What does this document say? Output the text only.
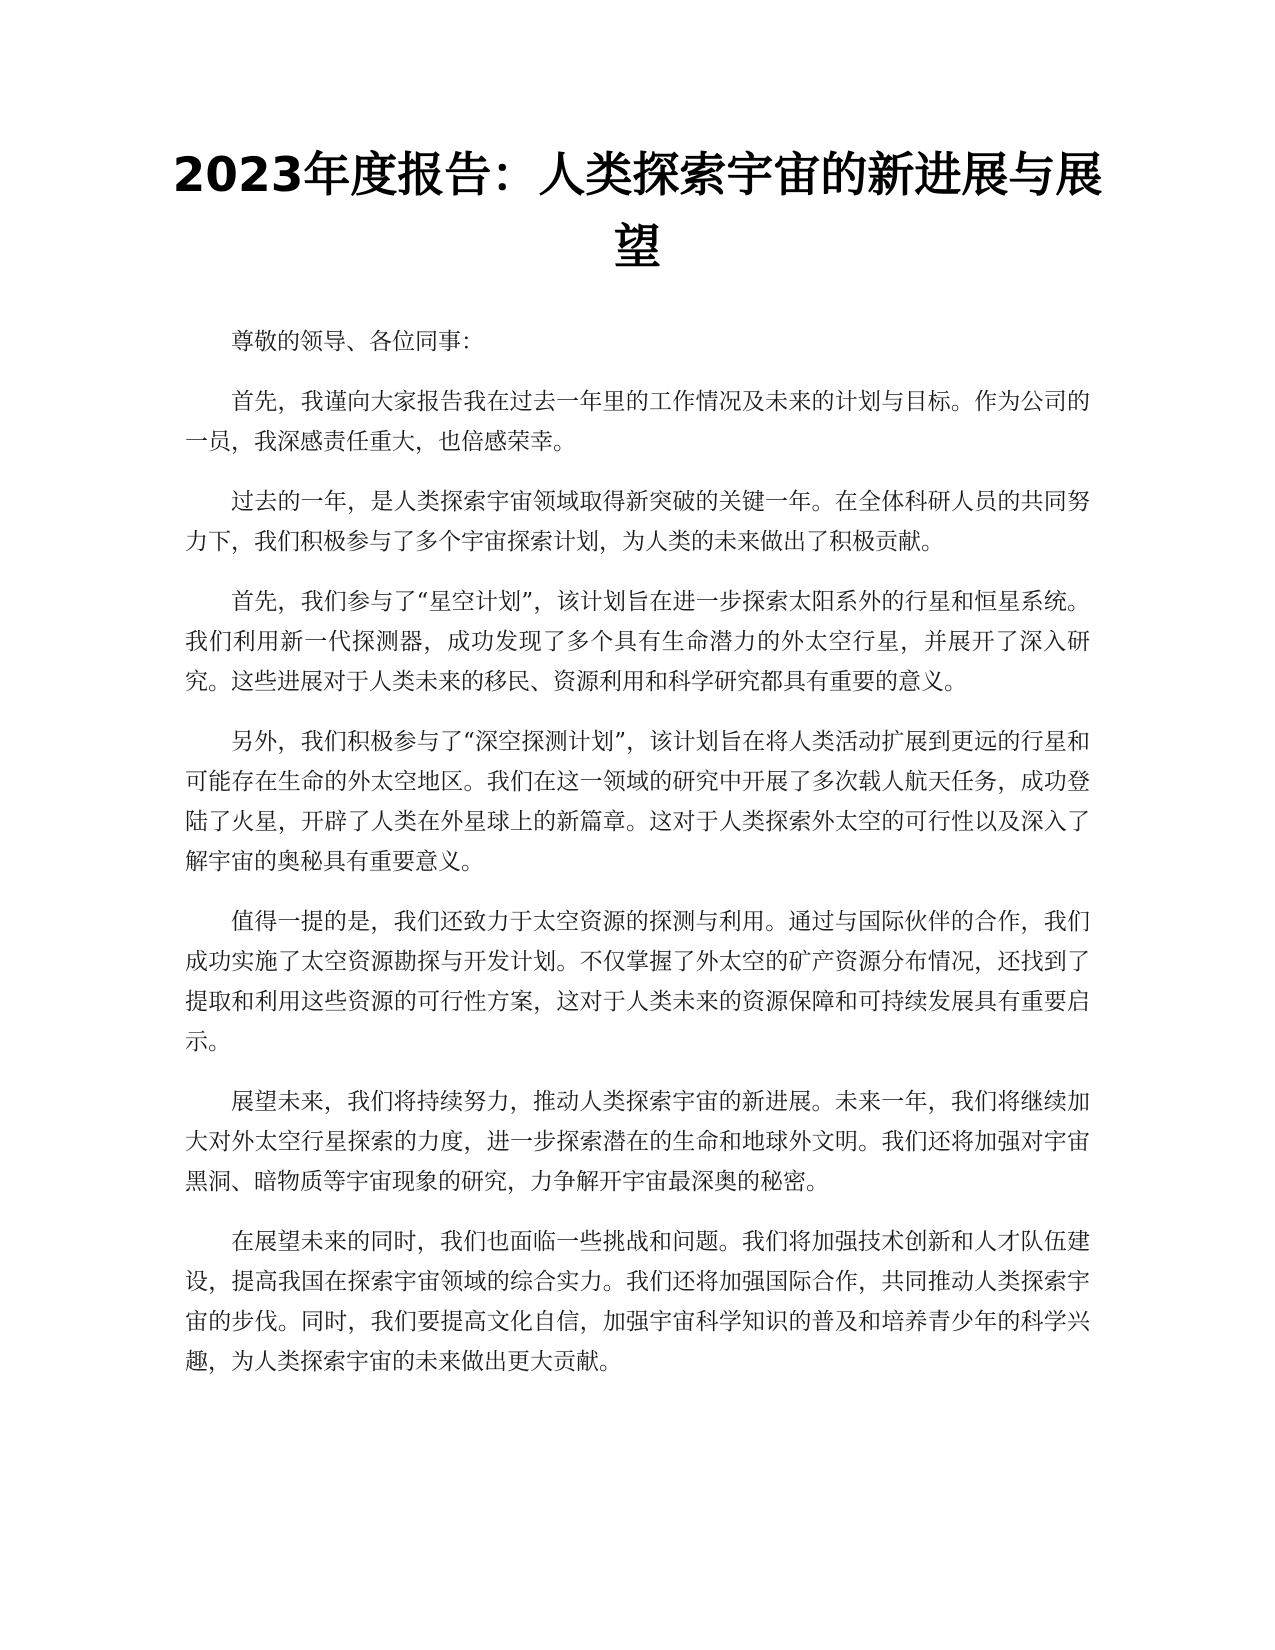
2023年度报告：人类探索宇宙的新进展与展望

尊敬的领导、各位同事：

首先，我谨向大家报告我在过去一年里的工作情况及未来的计划与目标。作为公司的一员，我深感责任重大，也倍感荣幸。

过去的一年，是人类探索宇宙领域取得新突破的关键一年。在全体科研人员的共同努力下，我们积极参与了多个宇宙探索计划，为人类的未来做出了积极贡献。

首先，我们参与了“星空计划”，该计划旨在进一步探索太阳系外的行星和恒星系统。我们利用新一代探测器，成功发现了多个具有生命潜力的外太空行星，并展开了深入研究。这些进展对于人类未来的移民、资源利用和科学研究都具有重要的意义。

另外，我们积极参与了“深空探测计划”，该计划旨在将人类活动扩展到更远的行星和可能存在生命的外太空地区。我们在这一领域的研究中开展了多次载人航天任务，成功登陆了火星，开辟了人类在外星球上的新篇章。这对于人类探索外太空的可行性以及深入了解宇宙的奥秘具有重要意义。

值得一提的是，我们还致力于太空资源的探测与利用。通过与国际伙伴的合作，我们成功实施了太空资源勘探与开发计划。不仅掌握了外太空的矿产资源分布情况，还找到了提取和利用这些资源的可行性方案，这对于人类未来的资源保障和可持续发展具有重要启示。

展望未来，我们将持续努力，推动人类探索宇宙的新进展。未来一年，我们将继续加大对外太空行星探索的力度，进一步探索潜在的生命和地球外文明。我们还将加强对宇宙黑洞、暗物质等宇宙现象的研究，力争解开宇宙最深奥的秘密。

在展望未来的同时，我们也面临一些挑战和问题。我们将加强技术创新和人才队伍建设，提高我国在探索宇宙领域的综合实力。我们还将加强国际合作，共同推动人类探索宇宙的步伐。同时，我们要提高文化自信，加强宇宙科学知识的普及和培养青少年的科学兴趣，为人类探索宇宙的未来做出更大贡献。
